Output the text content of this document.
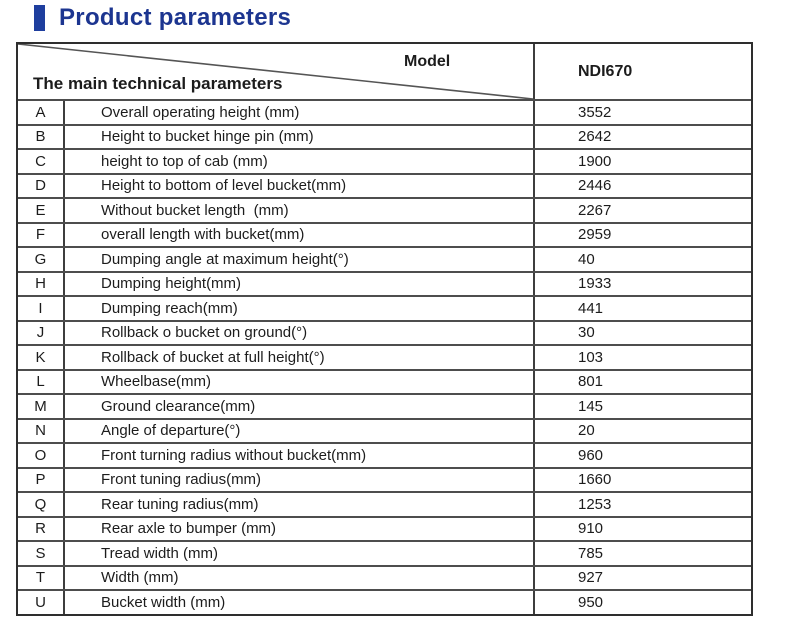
Product parameters
Model
The main technical parameters
NDI670
A	Overall operating height (mm)	3552
B	Height to bucket hinge pin (mm)	2642
C	height to top of cab (mm)	1900
D	Height to bottom of level bucket(mm)	2446
E	Without bucket length  (mm)	2267
F	overall length with bucket(mm)	2959
G	Dumping angle at maximum height(°)	40
H	Dumping height(mm)	1933
I	Dumping reach(mm)	441
J	Rollback o bucket on ground(°)	30
K	Rollback of bucket at full height(°)	103
L	Wheelbase(mm)	801
M	Ground clearance(mm)	145
N	Angle of departure(°)	20
O	Front turning radius without bucket(mm)	960
P	Front tuning radius(mm)	1660
Q	Rear tuning radius(mm)	1253
R	Rear axle to bumper (mm)	910
S	Tread width (mm)	785
T	Width (mm)	927
U	Bucket width (mm)	950
